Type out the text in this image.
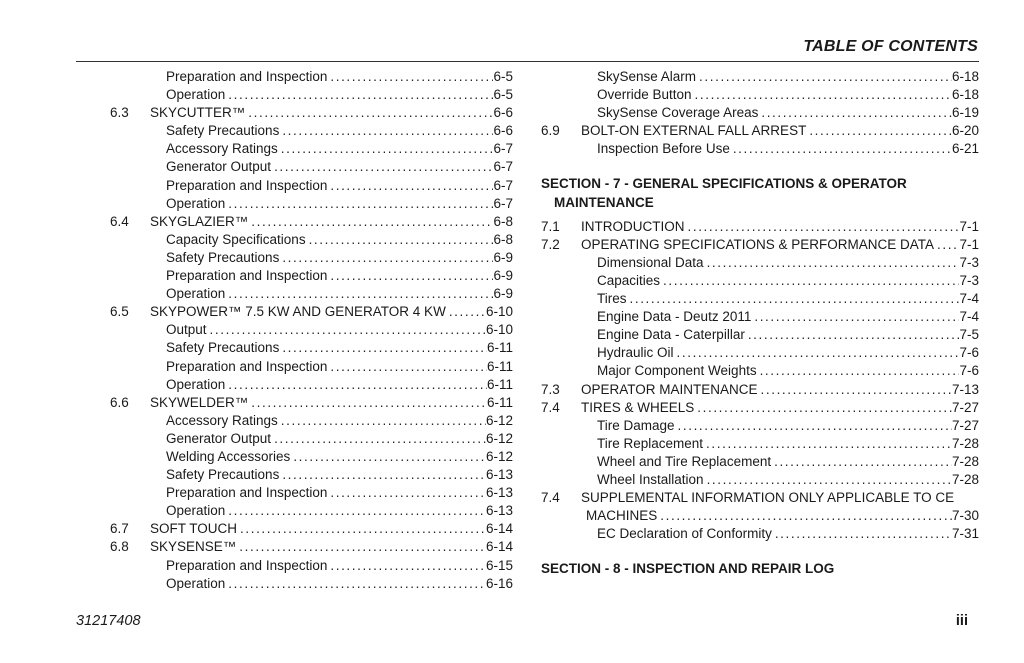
TABLE OF CONTENTS
Preparation and Inspection .....	6-5
Operation .....	6-5
6.3 SKYCUTTER™ .....	6-6
Safety Precautions .....	6-6
Accessory Ratings .....	6-7
Generator Output .....	6-7
Preparation and Inspection .....	6-7
Operation .....	6-7
6.4 SKYGLAZIER™ .....	6-8
Capacity Specifications .....	6-8
Safety Precautions .....	6-9
Preparation and Inspection .....	6-9
Operation .....	6-9
6.5 SKYPOWER™ 7.5 KW AND GENERATOR 4 KW .....	6-10
Output .....	6-10
Safety Precautions .....	6-11
Preparation and Inspection .....	6-11
Operation .....	6-11
6.6 SKYWELDER™ .....	6-11
Accessory Ratings .....	6-12
Generator Output .....	6-12
Welding Accessories .....	6-12
Safety Precautions .....	6-13
Preparation and Inspection .....	6-13
Operation .....	6-13
6.7 SOFT TOUCH .....	6-14
6.8 SKYSENSE™ .....	6-14
Preparation and Inspection .....	6-15
Operation .....	6-16
SkySense Alarm .....	6-18
Override Button .....	6-18
SkySense Coverage Areas .....	6-19
6.9 BOLT-ON EXTERNAL FALL ARREST .....	6-20
Inspection Before Use .....	6-21
SECTION - 7 - GENERAL SPECIFICATIONS & OPERATOR
MAINTENANCE
7.1 INTRODUCTION .....	7-1
7.2 OPERATING SPECIFICATIONS & PERFORMANCE DATA ..... 7-1
Dimensional Data .....	7-3
Capacities .....	7-3
Tires .....	7-4
Engine Data - Deutz 2011 .....	7-4
Engine Data - Caterpillar .....	7-5
Hydraulic Oil .....	7-6
Major Component Weights .....	7-6
7.3 OPERATOR MAINTENANCE .....	7-13
7.4 TIRES & WHEELS .....	7-27
Tire Damage .....	7-27
Tire Replacement .....	7-28
Wheel and Tire Replacement .....	7-28
Wheel Installation .....	7-28
7.4 SUPPLEMENTAL INFORMATION ONLY APPLICABLE TO CE
MACHINES .....	7-30
EC Declaration of Conformity .....	7-31
SECTION - 8 - INSPECTION AND REPAIR LOG
31217408	iii
